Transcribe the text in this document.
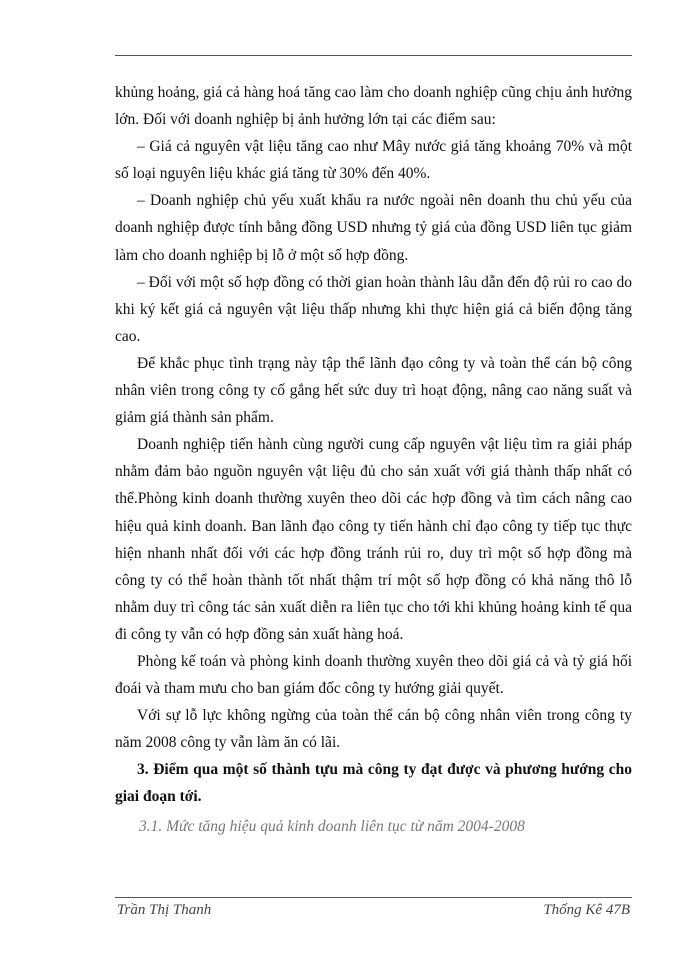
khủng hoảng, giá cả hàng hoá tăng cao làm cho doanh nghiệp cũng chịu ảnh hưởng lớn. Đối với doanh nghiệp bị ảnh hưởng lớn tại các điểm sau:

– Giá cả nguyên vật liệu tăng cao như Mây nước giá tăng khoảng 70% và một số loại nguyên liệu khác giá tăng từ 30% đến 40%.

– Doanh nghiệp chủ yếu xuất khẩu ra nước ngoài nên doanh thu chủ yếu của doanh nghiệp được tính bằng đồng USD nhưng tỷ giá của đồng USD liên tục giảm làm cho doanh nghiệp bị lỗ ở một số hợp đồng.

– Đối với một số hợp đồng có thời gian hoàn thành lâu dẫn đến độ rủi ro cao do khi ký kết giá cả nguyên vật liệu thấp nhưng khi thực hiện giá cả biến động tăng cao.

Để khắc phục tình trạng này tập thể lãnh đạo công ty và toàn thể cán bộ công nhân viên trong công ty cố gắng hết sức duy trì hoạt động, nâng cao năng suất và giảm giá thành sản phẩm.

Doanh nghiệp tiến hành cùng người cung cấp nguyên vật liệu tìm ra giải pháp nhằm đảm bảo nguồn nguyên vật liệu đủ cho sản xuất với giá thành thấp nhất có thể.Phòng kinh doanh thường xuyên theo dõi các hợp đồng và tìm cách nâng cao hiệu quả kinh doanh. Ban lãnh đạo công ty tiến hành chỉ đạo công ty tiếp tục thực hiện nhanh nhất đối với các hợp đồng tránh rủi ro, duy trì một số hợp đồng mà công ty có thể hoàn thành tốt nhất thậm trí một số hợp đồng có khả năng thô lỗ nhằm duy trì công tác sản xuất diễn ra liên tục cho tới khi khủng hoảng kinh tế qua đi công ty vẫn có hợp đồng sản xuất hàng hoá.

Phòng kế toán và phòng kinh doanh thường xuyên theo dõi giá cả và tỷ giá hối đoái và tham mưu cho ban giám đốc công ty hướng giải quyết.

Với sự lỗ lực không ngừng của toàn thể cán bộ công nhân viên trong công ty năm 2008 công ty vẫn làm ăn có lãi.

3. Điểm qua một số thành tựu mà công ty đạt được và phương hướng cho giai đoạn tới.

3.1. Mức tăng hiệu quả kinh doanh liên tục từ năm 2004-2008

Trần Thị Thanh	Thống Kê 47B
